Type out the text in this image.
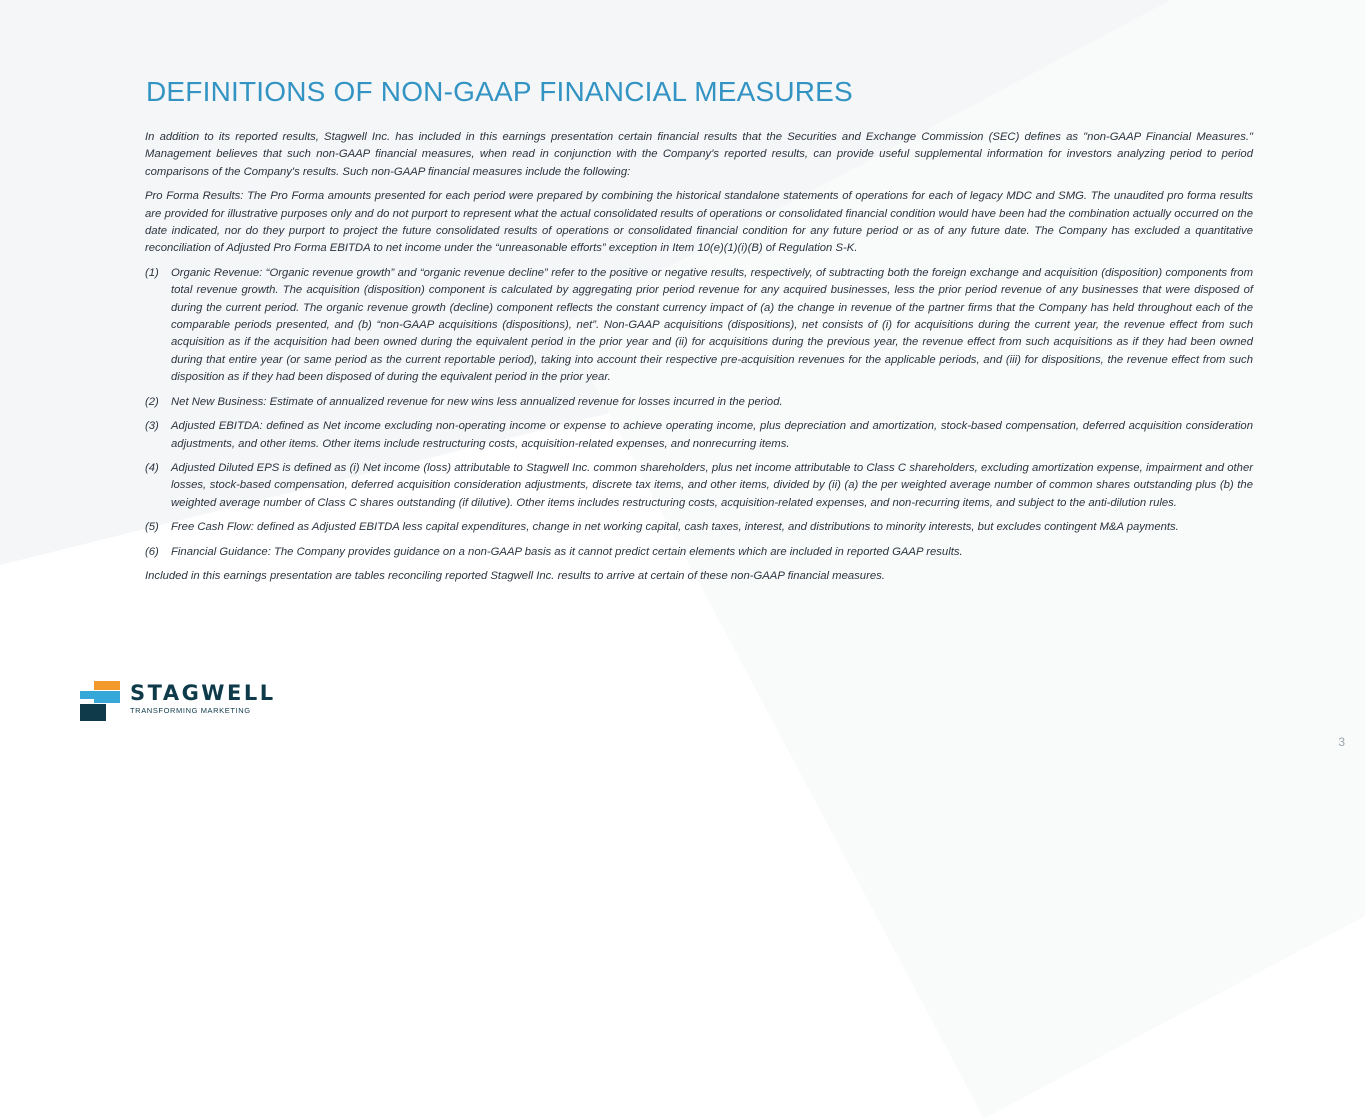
DEFINITIONS OF NON-GAAP FINANCIAL MEASURES

In addition to its reported results, Stagwell Inc. has included in this earnings presentation certain financial results that the Securities and Exchange Commission (SEC) defines as "non-GAAP Financial Measures." Management believes that such non-GAAP financial measures, when read in conjunction with the Company's reported results, can provide useful supplemental information for investors analyzing period to period comparisons of the Company's results. Such non-GAAP financial measures include the following:

Pro Forma Results: The Pro Forma amounts presented for each period were prepared by combining the historical standalone statements of operations for each of legacy MDC and SMG. The unaudited pro forma results are provided for illustrative purposes only and do not purport to represent what the actual consolidated results of operations or consolidated financial condition would have been had the combination actually occurred on the date indicated, nor do they purport to project the future consolidated results of operations or consolidated financial condition for any future period or as of any future date. The Company has excluded a quantitative reconciliation of Adjusted Pro Forma EBITDA to net income under the “unreasonable efforts” exception in Item 10(e)(1)(i)(B) of Regulation S-K.

(1)	Organic Revenue: “Organic revenue growth” and “organic revenue decline” refer to the positive or negative results, respectively, of subtracting both the foreign exchange and acquisition (disposition) components from total revenue growth. The acquisition (disposition) component is calculated by aggregating prior period revenue for any acquired businesses, less the prior period revenue of any businesses that were disposed of during the current period. The organic revenue growth (decline) component reflects the constant currency impact of (a) the change in revenue of the partner firms that the Company has held throughout each of the comparable periods presented, and (b) “non-GAAP acquisitions (dispositions), net”. Non-GAAP acquisitions (dispositions), net consists of (i) for acquisitions during the current year, the revenue effect from such acquisition as if the acquisition had been owned during the equivalent period in the prior year and (ii) for acquisitions during the previous year, the revenue effect from such acquisitions as if they had been owned during that entire year (or same period as the current reportable period), taking into account their respective pre-acquisition revenues for the applicable periods, and (iii) for dispositions, the revenue effect from such disposition as if they had been disposed of during the equivalent period in the prior year.
(2)	Net New Business: Estimate of annualized revenue for new wins less annualized revenue for losses incurred in the period.
(3)	Adjusted EBITDA: defined as Net income excluding non-operating income or expense to achieve operating income, plus depreciation and amortization, stock-based compensation, deferred acquisition consideration adjustments, and other items. Other items include restructuring costs, acquisition-related expenses, and nonrecurring items.
(4)	Adjusted Diluted EPS is defined as (i) Net income (loss) attributable to Stagwell Inc. common shareholders, plus net income attributable to Class C shareholders, excluding amortization expense, impairment and other losses, stock-based compensation, deferred acquisition consideration adjustments, discrete tax items, and other items, divided by (ii) (a) the per weighted average number of common shares outstanding plus (b) the weighted average number of Class C shares outstanding (if dilutive). Other items includes restructuring costs, acquisition-related expenses, and non-recurring items, and subject to the anti-dilution rules.
(5)	Free Cash Flow: defined as Adjusted EBITDA less capital expenditures, change in net working capital, cash taxes, interest, and distributions to minority interests, but excludes contingent M&A payments.
(6)	Financial Guidance: The Company provides guidance on a non-GAAP basis as it cannot predict certain elements which are included in reported GAAP results.

Included in this earnings presentation are tables reconciling reported Stagwell Inc. results to arrive at certain of these non-GAAP financial measures.

STAGWELL
TRANSFORMING MARKETING
3
